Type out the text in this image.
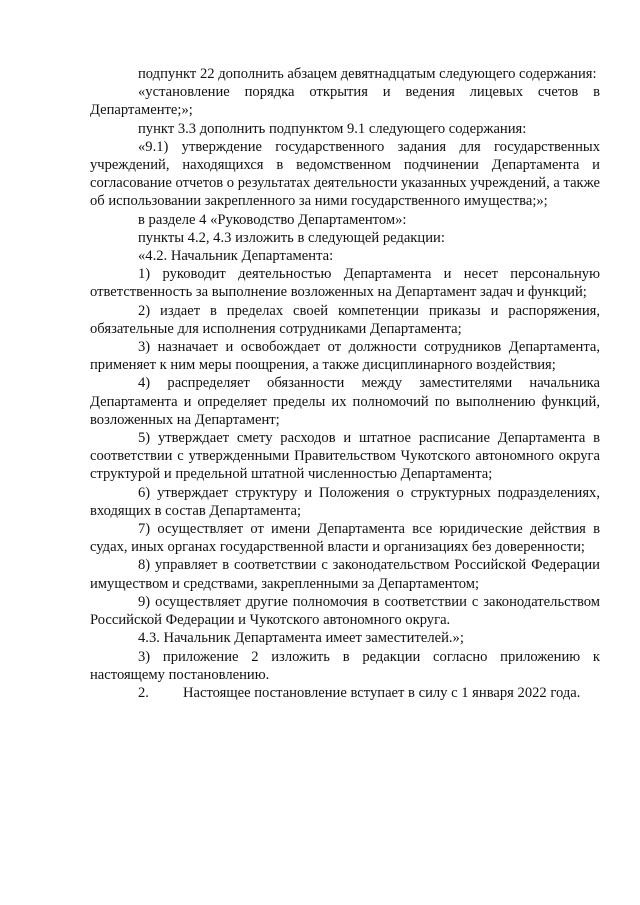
подпункт 22 дополнить абзацем девятнадцатым следующего содержания:

«установление порядка открытия и ведения лицевых счетов в Департаменте;»;

пункт 3.3 дополнить подпунктом 9.1 следующего содержания:

«9.1) утверждение государственного задания для государственных учреждений, находящихся в ведомственном подчинении Департамента и согласование отчетов о результатах деятельности указанных учреждений, а также об использовании закрепленного за ними государственного имущества;»;

в разделе 4 «Руководство Департаментом»:

пункты 4.2, 4.3 изложить в следующей редакции:

«4.2. Начальник Департамента:

1) руководит деятельностью Департамента и несет персональную ответственность за выполнение возложенных на Департамент задач и функций;

2) издает в пределах своей компетенции приказы и распоряжения, обязательные для исполнения сотрудниками Департамента;

3) назначает и освобождает от должности сотрудников Департамента, применяет к ним меры поощрения, а также дисциплинарного воздействия;

4) распределяет обязанности между заместителями начальника Департамента и определяет пределы их полномочий по выполнению функций, возложенных на Департамент;

5) утверждает смету расходов и штатное расписание Департамента в соответствии с утвержденными Правительством Чукотского автономного округа структурой и предельной штатной численностью Департамента;

6) утверждает структуру и Положения о структурных подразделениях, входящих в состав Департамента;

7) осуществляет от имени Департамента все юридические действия в судах, иных органах государственной власти и организациях без доверенности;

8) управляет в соответствии с законодательством Российской Федерации имуществом и средствами, закрепленными за Департаментом;

9) осуществляет другие полномочия в соответствии с законодательством Российской Федерации и Чукотского автономного округа.

4.3. Начальник Департамента имеет заместителей.»;

3) приложение 2 изложить в редакции согласно приложению к настоящему постановлению.

2. Настоящее постановление вступает в силу с 1 января 2022 года.
